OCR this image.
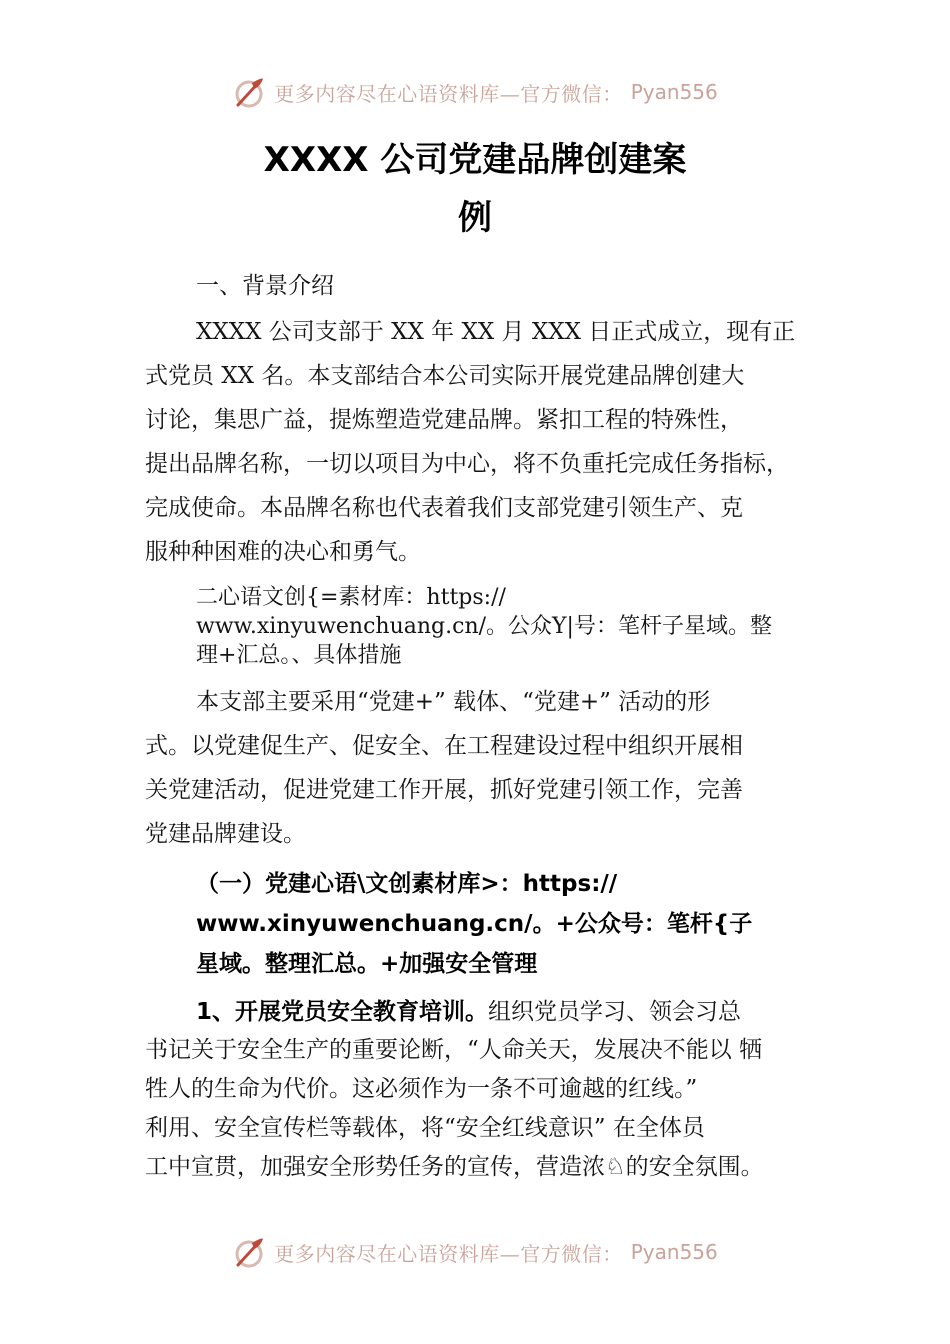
更多内容尽在心语资料库—官方微信： Pyan556
XXXX 公司党建品牌创建案
例
一、背景介绍
XXXX 公司支部于 XX 年 XX 月 XXX 日正式成立，现有正
式党员 XX 名。本支部结合本公司实际开展党建品牌创建大
讨论，集思广益，提炼塑造党建品牌。紧扣工程的特殊性，
提出品牌名称，一切以项目为中心，将不负重托完成任务指标，
完成使命。本品牌名称也代表着我们支部党建引领生产、克
服种种困难的决心和勇气。
二心语文创{=素材库：https://
www.xinyuwenchuang.cn/。公众Y|号：笔杆子星域。整
理+汇总。、具体措施
本支部主要采用“党建+” 载体、“党建+” 活动的形
式。以党建促生产、促安全、在工程建设过程中组织开展相
关党建活动，促进党建工作开展，抓好党建引领工作，完善
党建品牌建设。
（一）党建心语\文创素材库>：https://
www.xinyuwenchuang.cn/。+公众号：笔杆{子
星域。整理汇总。+加强安全管理
1、开展党员安全教育培训。组织党员学习、领会习总
书记关于安全生产的重要论断，“人命关天，发展决不能以 牺
牲人的生命为代价。这必须作为一条不可逾越的红线。”
利用、安全宣传栏等载体，将“安全红线意识” 在全体员
工中宣贯，加强安全形势任务的宣传，营造浓♘的安全氛围。
更多内容尽在心语资料库—官方微信： Pyan556
